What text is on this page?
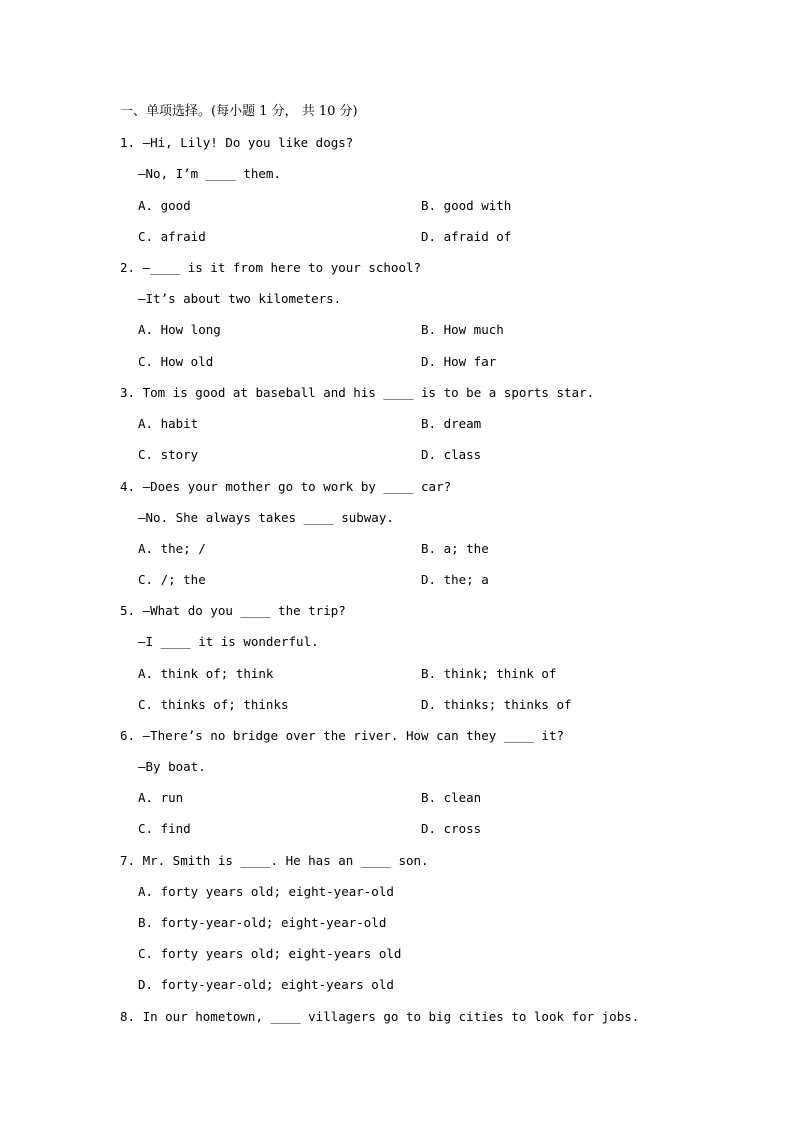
一、单项选择。(每小题 1 分， 共 10 分)
1. —Hi, Lily! Do you like dogs?
—No, I’m ____ them.
A. good	B. good with
C. afraid	D. afraid of
2. —____ is it from here to your school?
—It’s about two kilometers.
A. How long	B. How much
C. How old	D. How far
3. Tom is good at baseball and his ____ is to be a sports star.
A. habit	B. dream
C. story	D. class
4. —Does your mother go to work by ____ car?
—No. She always takes ____ subway.
A. the; /	B. a; the
C. /; the	D. the; a
5. —What do you ____ the trip?
—I ____ it is wonderful.
A. think of; think	B. think; think of
C. thinks of; thinks	D. thinks; thinks of
6. —There’s no bridge over the river. How can they ____ it?
—By boat.
A. run	B. clean
C. find	D. cross
7. Mr. Smith is ____. He has an ____ son.
A. forty years old; eight-year-old
B. forty-year-old; eight-year-old
C. forty years old; eight-years old
D. forty-year-old; eight-years old
8. In our hometown, ____ villagers go to big cities to look for jobs.
